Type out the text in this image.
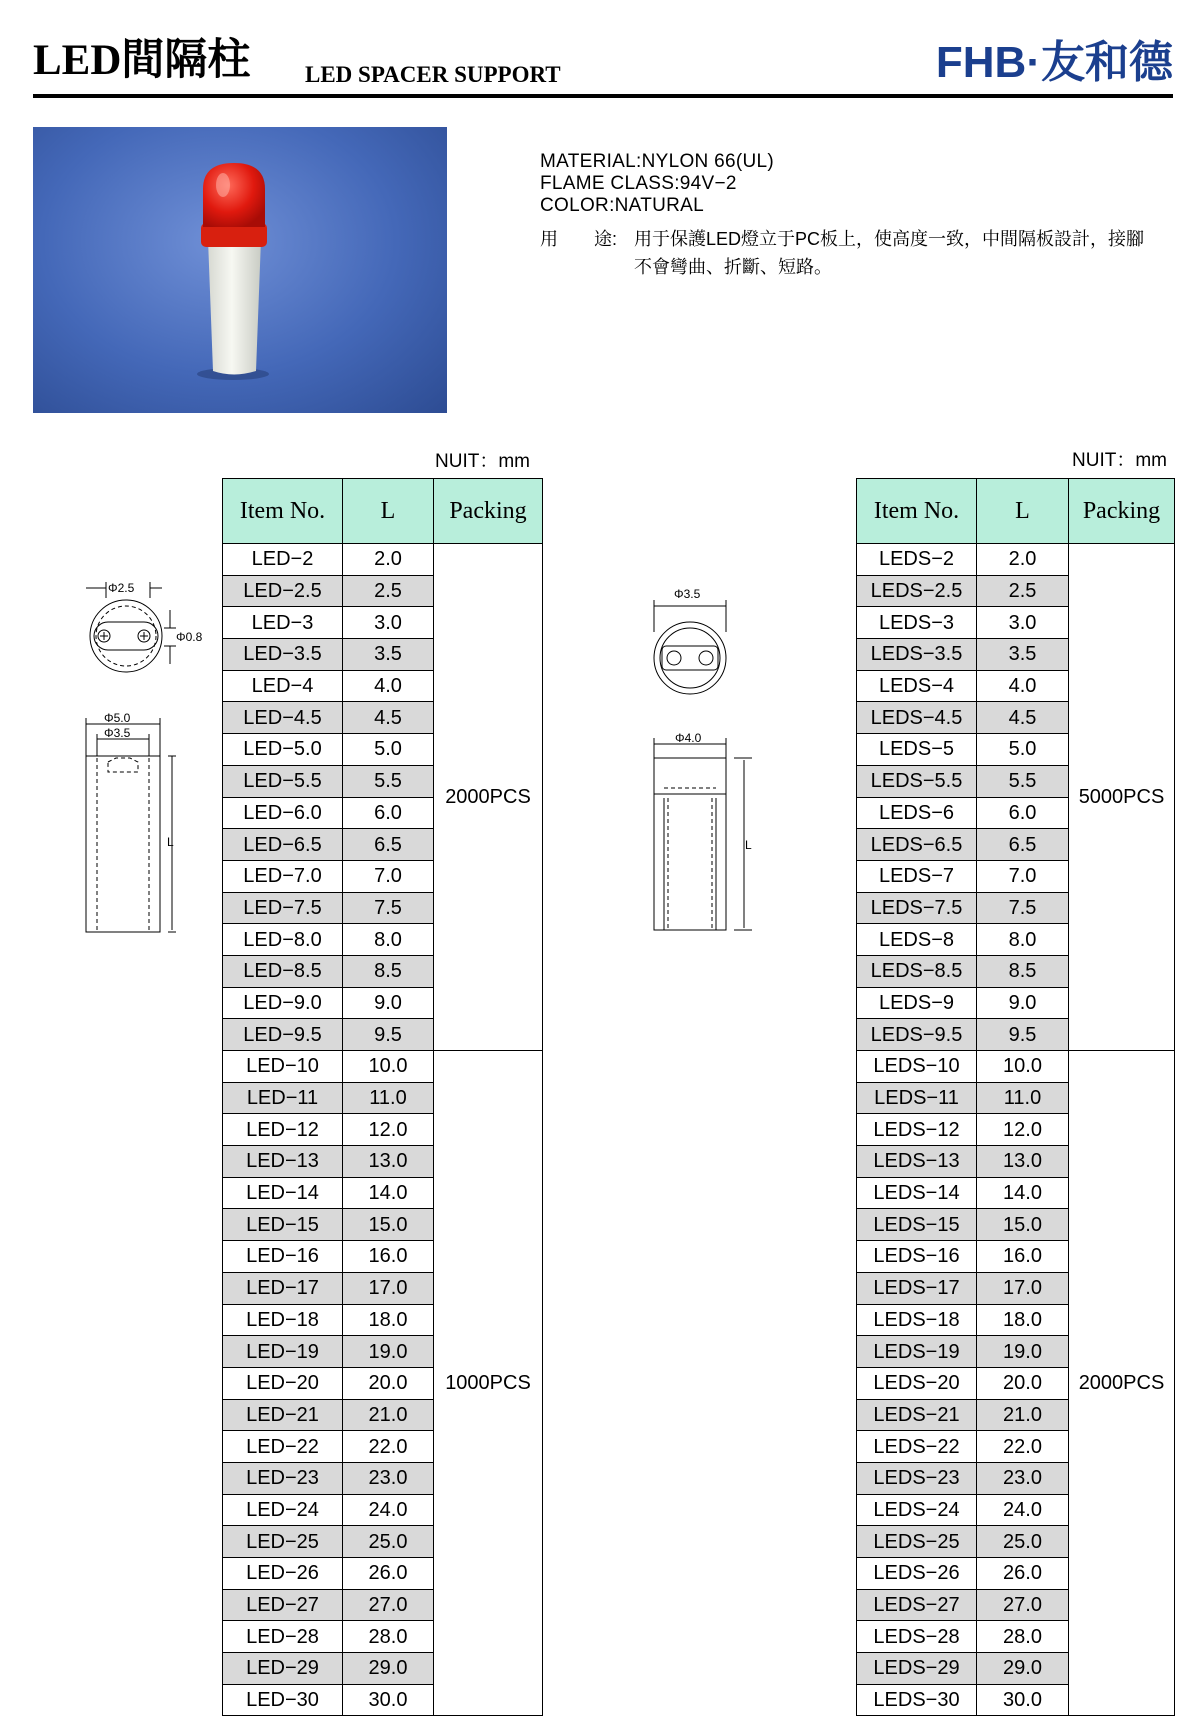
LED間隔柱 LED SPACER SUPPORT	FHB·友和德
MATERIAL:NYLON 66(UL)
FLAME CLASS:94V−2
COLOR:NATURAL
用　　途: 用于保護LED燈立于PC板上，使高度一致，中間隔板設計，接腳不會彎曲、折斷、短路。
NUIT：mm	NUIT：mm
Φ2.5
Φ0.8
Φ5.0
Φ3.5
L
Φ3.5
Φ4.0
L
Item No.	L	Packing
LED−2	2.0	2000PCS
LED−2.5	2.5	
LED−3	3.0	
LED−3.5	3.5	
LED−4	4.0	
LED−4.5	4.5	
LED−5.0	5.0	
LED−5.5	5.5	
LED−6.0	6.0	
LED−6.5	6.5	
LED−7.0	7.0	
LED−7.5	7.5	
LED−8.0	8.0	
LED−8.5	8.5	
LED−9.0	9.0	
LED−9.5	9.5	
LED−10	10.0	1000PCS
LED−11	11.0	
LED−12	12.0	
LED−13	13.0	
LED−14	14.0	
LED−15	15.0	
LED−16	16.0	
LED−17	17.0	
LED−18	18.0	
LED−19	19.0	
LED−20	20.0	
LED−21	21.0	
LED−22	22.0	
LED−23	23.0	
LED−24	24.0	
LED−25	25.0	
LED−26	26.0	
LED−27	27.0	
LED−28	28.0	
LED−29	29.0	
LED−30	30.0	
Item No.	L	Packing
LEDS−2	2.0	5000PCS
LEDS−2.5	2.5	
LEDS−3	3.0	
LEDS−3.5	3.5	
LEDS−4	4.0	
LEDS−4.5	4.5	
LEDS−5	5.0	
LEDS−5.5	5.5	
LEDS−6	6.0	
LEDS−6.5	6.5	
LEDS−7	7.0	
LEDS−7.5	7.5	
LEDS−8	8.0	
LEDS−8.5	8.5	
LEDS−9	9.0	
LEDS−9.5	9.5	
LEDS−10	10.0	2000PCS
LEDS−11	11.0	
LEDS−12	12.0	
LEDS−13	13.0	
LEDS−14	14.0	
LEDS−15	15.0	
LEDS−16	16.0	
LEDS−17	17.0	
LEDS−18	18.0	
LEDS−19	19.0	
LEDS−20	20.0	
LEDS−21	21.0	
LEDS−22	22.0	
LEDS−23	23.0	
LEDS−24	24.0	
LEDS−25	25.0	
LEDS−26	26.0	
LEDS−27	27.0	
LEDS−28	28.0	
LEDS−29	29.0	
LEDS−30	30.0	
